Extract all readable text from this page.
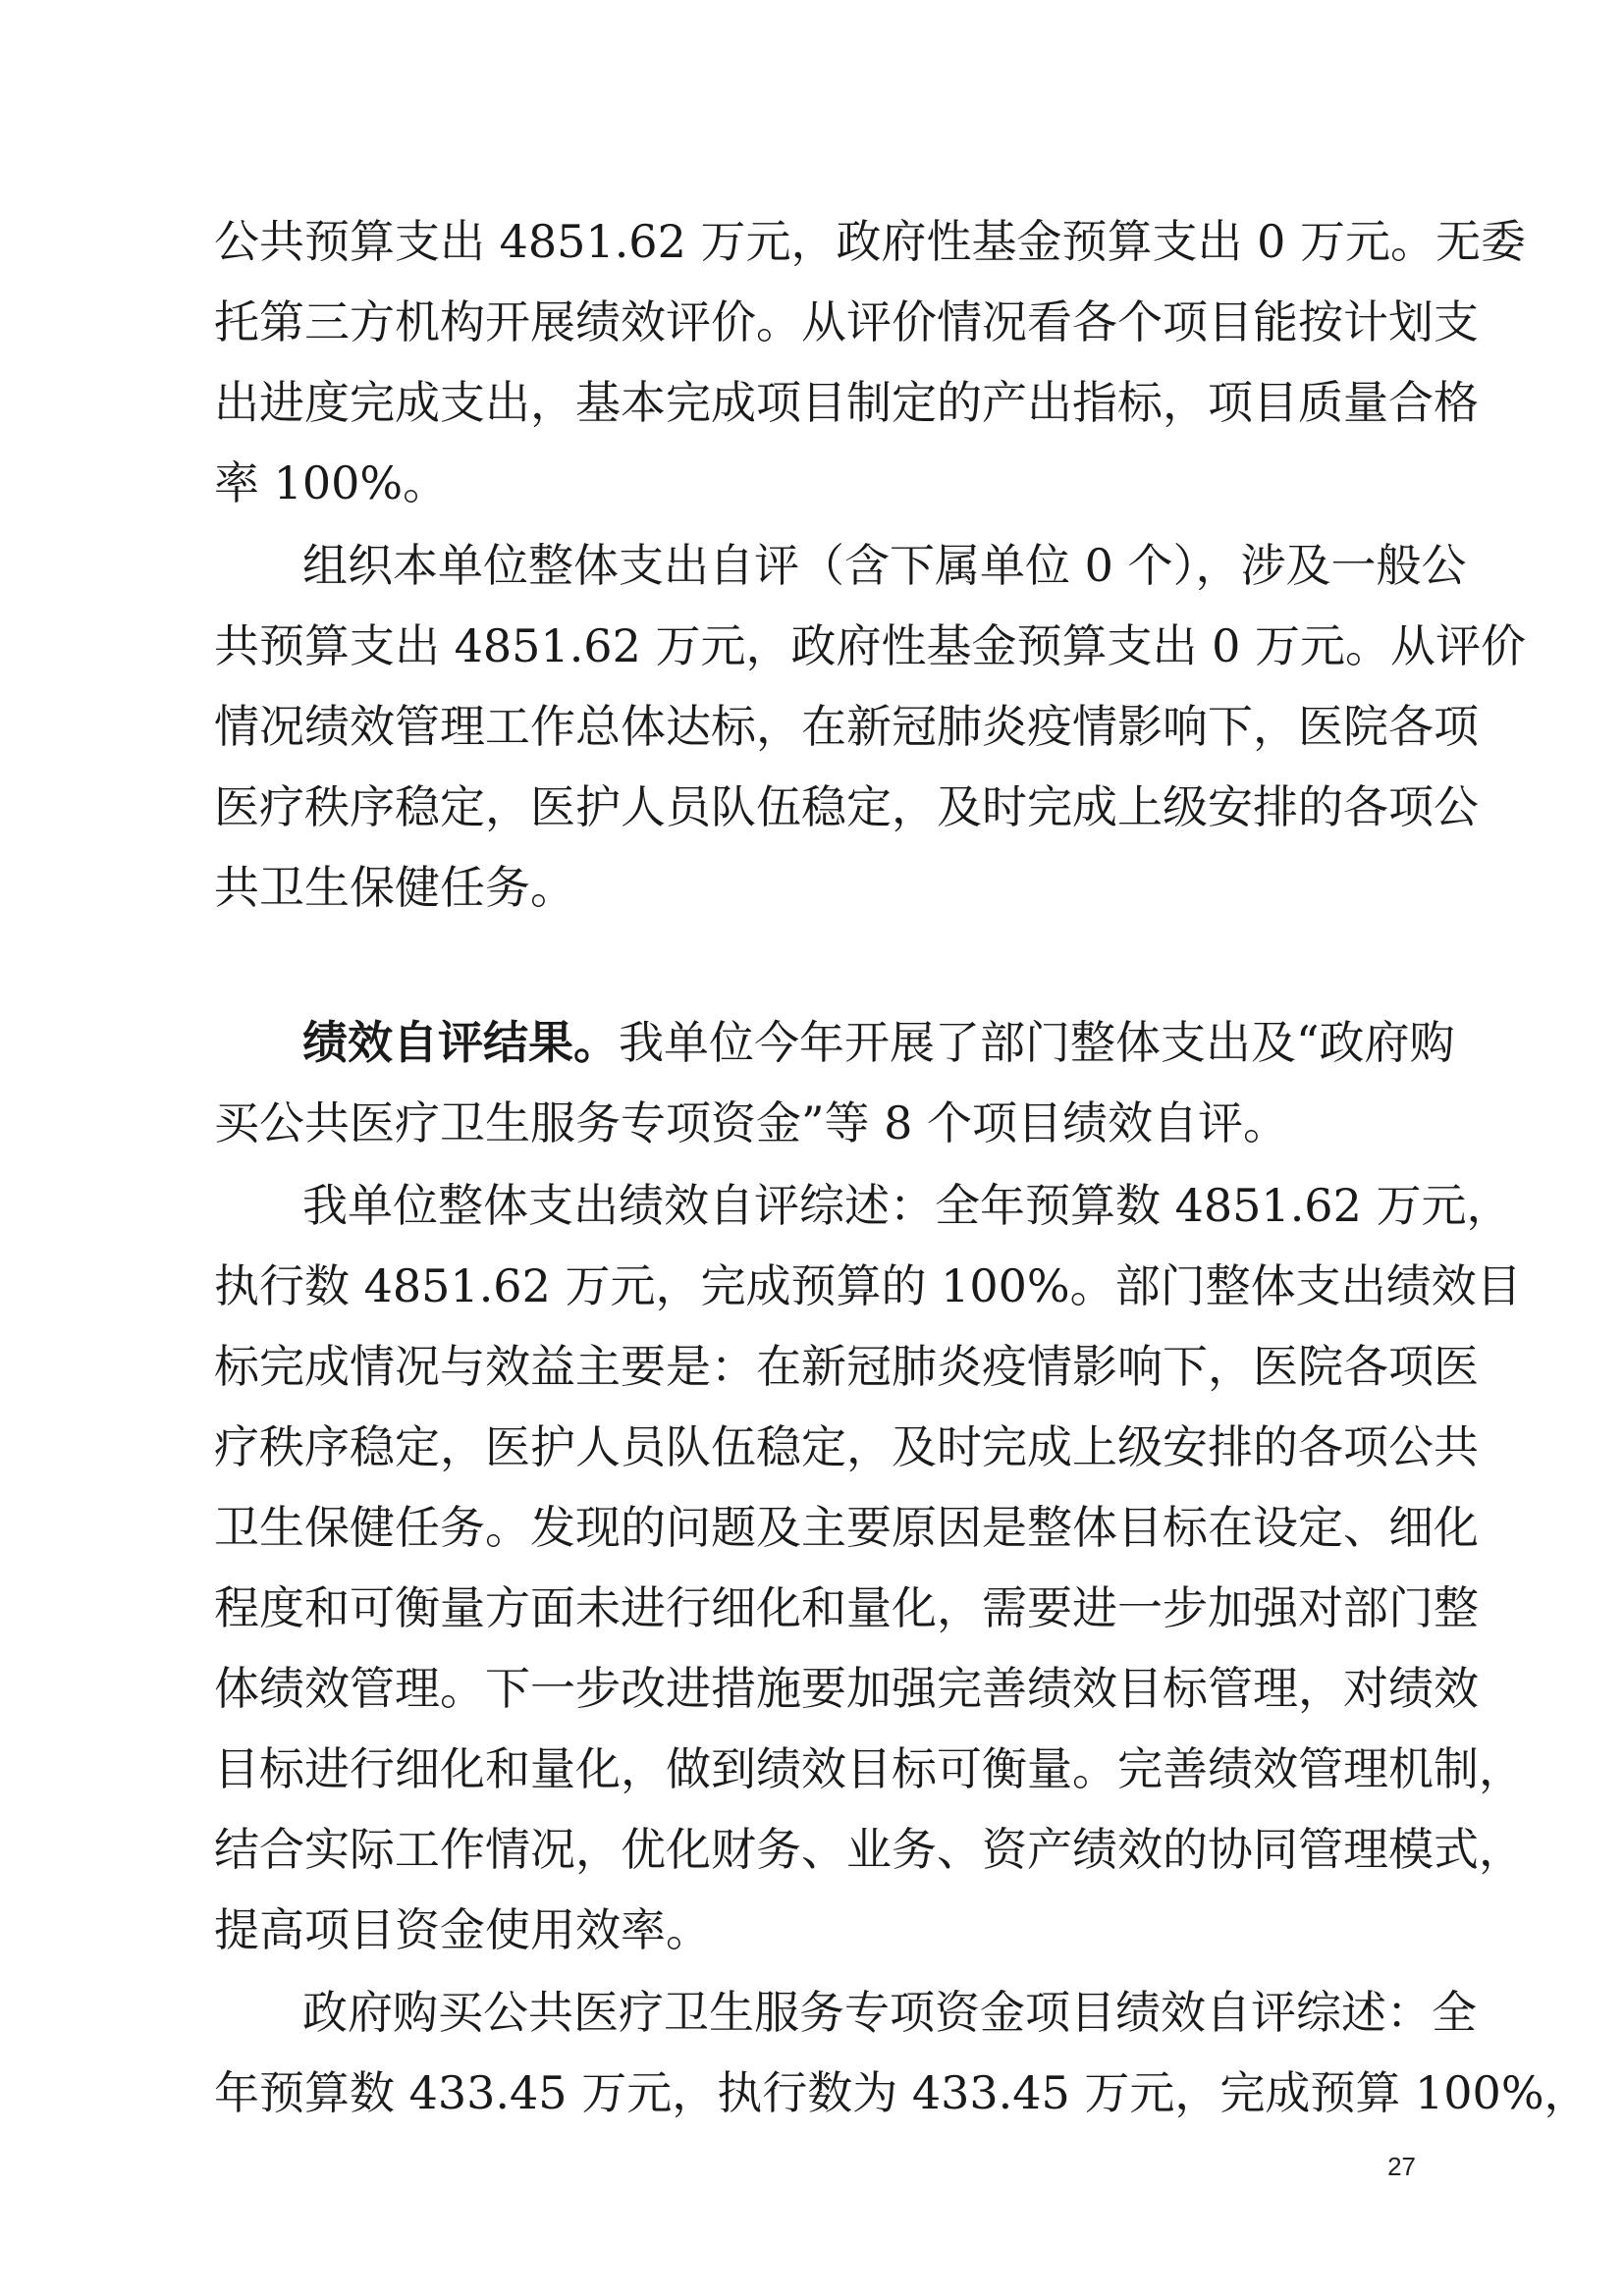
公共预算支出 4851.62 万元，政府性基金预算支出 0 万元。无委
托第三方机构开展绩效评价。从评价情况看各个项目能按计划支
出进度完成支出，基本完成项目制定的产出指标，项目质量合格
率 100%。
组织本单位整体支出自评（含下属单位 0 个），涉及一般公
共预算支出 4851.62 万元，政府性基金预算支出 0 万元。从评价
情况绩效管理工作总体达标，在新冠肺炎疫情影响下，医院各项
医疗秩序稳定，医护人员队伍稳定，及时完成上级安排的各项公
共卫生保健任务。
绩效自评结果。我单位今年开展了部门整体支出及“政府购
买公共医疗卫生服务专项资金”等 8 个项目绩效自评。
我单位整体支出绩效自评综述：全年预算数 4851.62 万元，
执行数 4851.62 万元，完成预算的 100%。部门整体支出绩效目
标完成情况与效益主要是：在新冠肺炎疫情影响下，医院各项医
疗秩序稳定，医护人员队伍稳定，及时完成上级安排的各项公共
卫生保健任务。发现的问题及主要原因是整体目标在设定、细化
程度和可衡量方面未进行细化和量化，需要进一步加强对部门整
体绩效管理。下一步改进措施要加强完善绩效目标管理，对绩效
目标进行细化和量化，做到绩效目标可衡量。完善绩效管理机制，
结合实际工作情况，优化财务、业务、资产绩效的协同管理模式，
提高项目资金使用效率。
政府购买公共医疗卫生服务专项资金项目绩效自评综述：全
年预算数 433.45 万元，执行数为 433.45 万元，完成预算 100%，
27
